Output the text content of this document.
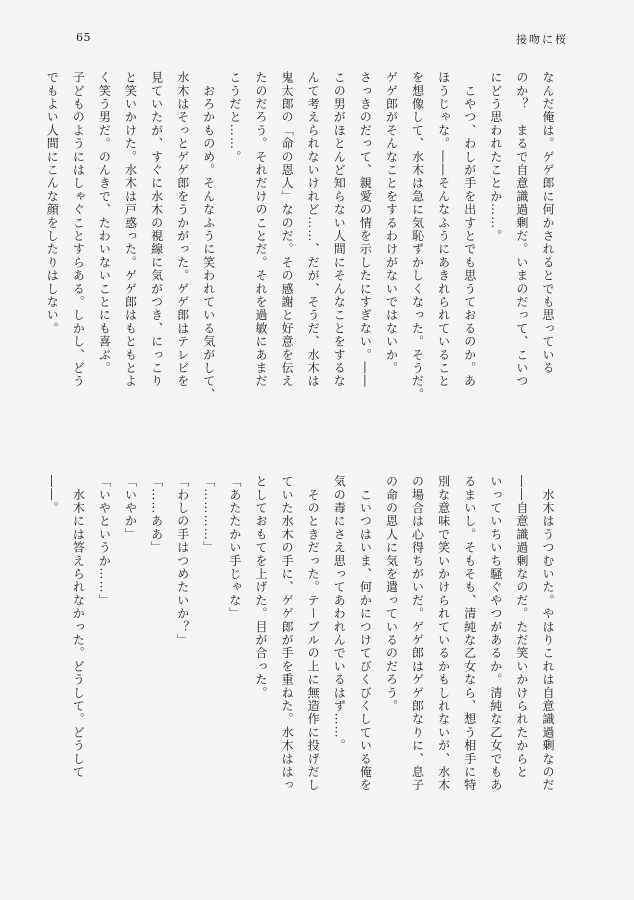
65	接吻に桜
なんだ俺は。ゲゲ郎に何かされるとでも思っている
のか？　まるで自意識過剰だ。いまのだって、こいつ
にどう思われたことか……。
　こやつ、わしが手を出すとでも思うておるのか。あ
ほうじゃな。――そんなふうにあきれられていること
を想像して、水木は急に気恥ずかしくなった。そうだ。
ゲゲ郎がそんなことをするわけがないではないか。
さっきのだって、親愛の情を示したにすぎない。――
この男がほとんど知らない人間にそんなことをするな
んて考えられないけれど……、だが、そうだ、水木は
鬼太郎の「命の恩人」なのだ。その感謝と好意を伝え
たのだろう。それだけのことだ。それを過敏にあまだ
こうだと……。
　おろかものめ。そんなふうに笑われている気がして、
水木はそっとゲゲ郎をうかがった。ゲゲ郎はテレビを
見ていたが、すぐに水木の視線に気がつき、にっこり
と笑いかけた。水木は戸惑った。ゲゲ郎はもともとよ
く笑う男だ。のんきで、たわいないことにも喜ぶ。
子どものようにはしゃぐことすらある。しかし、どう
でもよい人間にこんな顔をしたりはしない。
　水木はうつむいた。やはりこれは自意識過剰なのだ
――自意識過剰なのだ。ただ笑いかけられたからと
いっていちいち騒ぐやつがあるか。清純な乙女でもあ
るまいし。そもそも、清純な乙女なら、想う相手に特
別な意味で笑いかけられているかもしれないが、水木
の場合は心得ちがいだ。ゲゲ郎はゲゲ郎なりに、息子
の命の恩人に気を遣っているのだろう。
　こいつはいま、何かにつけてびくびくしている俺を
気の毒にさえ思ってあわれんでいるはず……。
　そのときだった。テーブルの上に無造作に投げだし
ていた水木の手に、ゲゲ郎が手を重ねた。水木ははっ
としておもてを上げた。目が合った。
「あたたかい手じゃな」
「…………」
「わしの手はつめたいか？」
「……ああ」
「いやか」
「いやというか……」
　水木には答えられなかった。どうして。どうして
――。
